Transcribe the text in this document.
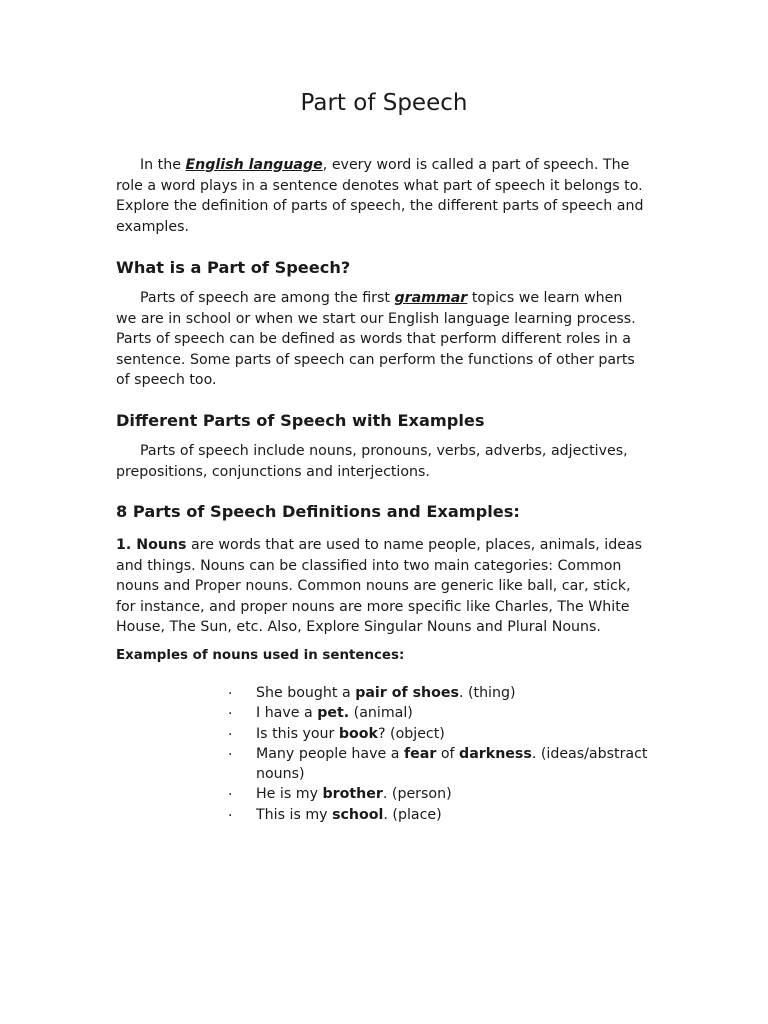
Part of Speech

In the English language, every word is called a part of speech. The role a word plays in a sentence denotes what part of speech it belongs to. Explore the definition of parts of speech, the different parts of speech and examples.

What is a Part of Speech?

Parts of speech are among the first grammar topics we learn when we are in school or when we start our English language learning process. Parts of speech can be defined as words that perform different roles in a sentence. Some parts of speech can perform the functions of other parts of speech too.

Different Parts of Speech with Examples

Parts of speech include nouns, pronouns, verbs, adverbs, adjectives, prepositions, conjunctions and interjections.

8 Parts of Speech Definitions and Examples:

1. Nouns are words that are used to name people, places, animals, ideas and things. Nouns can be classified into two main categories: Common nouns and Proper nouns. Common nouns are generic like ball, car, stick, for instance, and proper nouns are more specific like Charles, The White House, The Sun, etc. Also, Explore Singular Nouns and Plural Nouns.

Examples of nouns used in sentences:
. She bought a pair of shoes. (thing)
. I have a pet. (animal)
. Is this your book? (object)
. Many people have a fear of darkness. (ideas/abstract nouns)
. He is my brother. (person)
. This is my school. (place)
